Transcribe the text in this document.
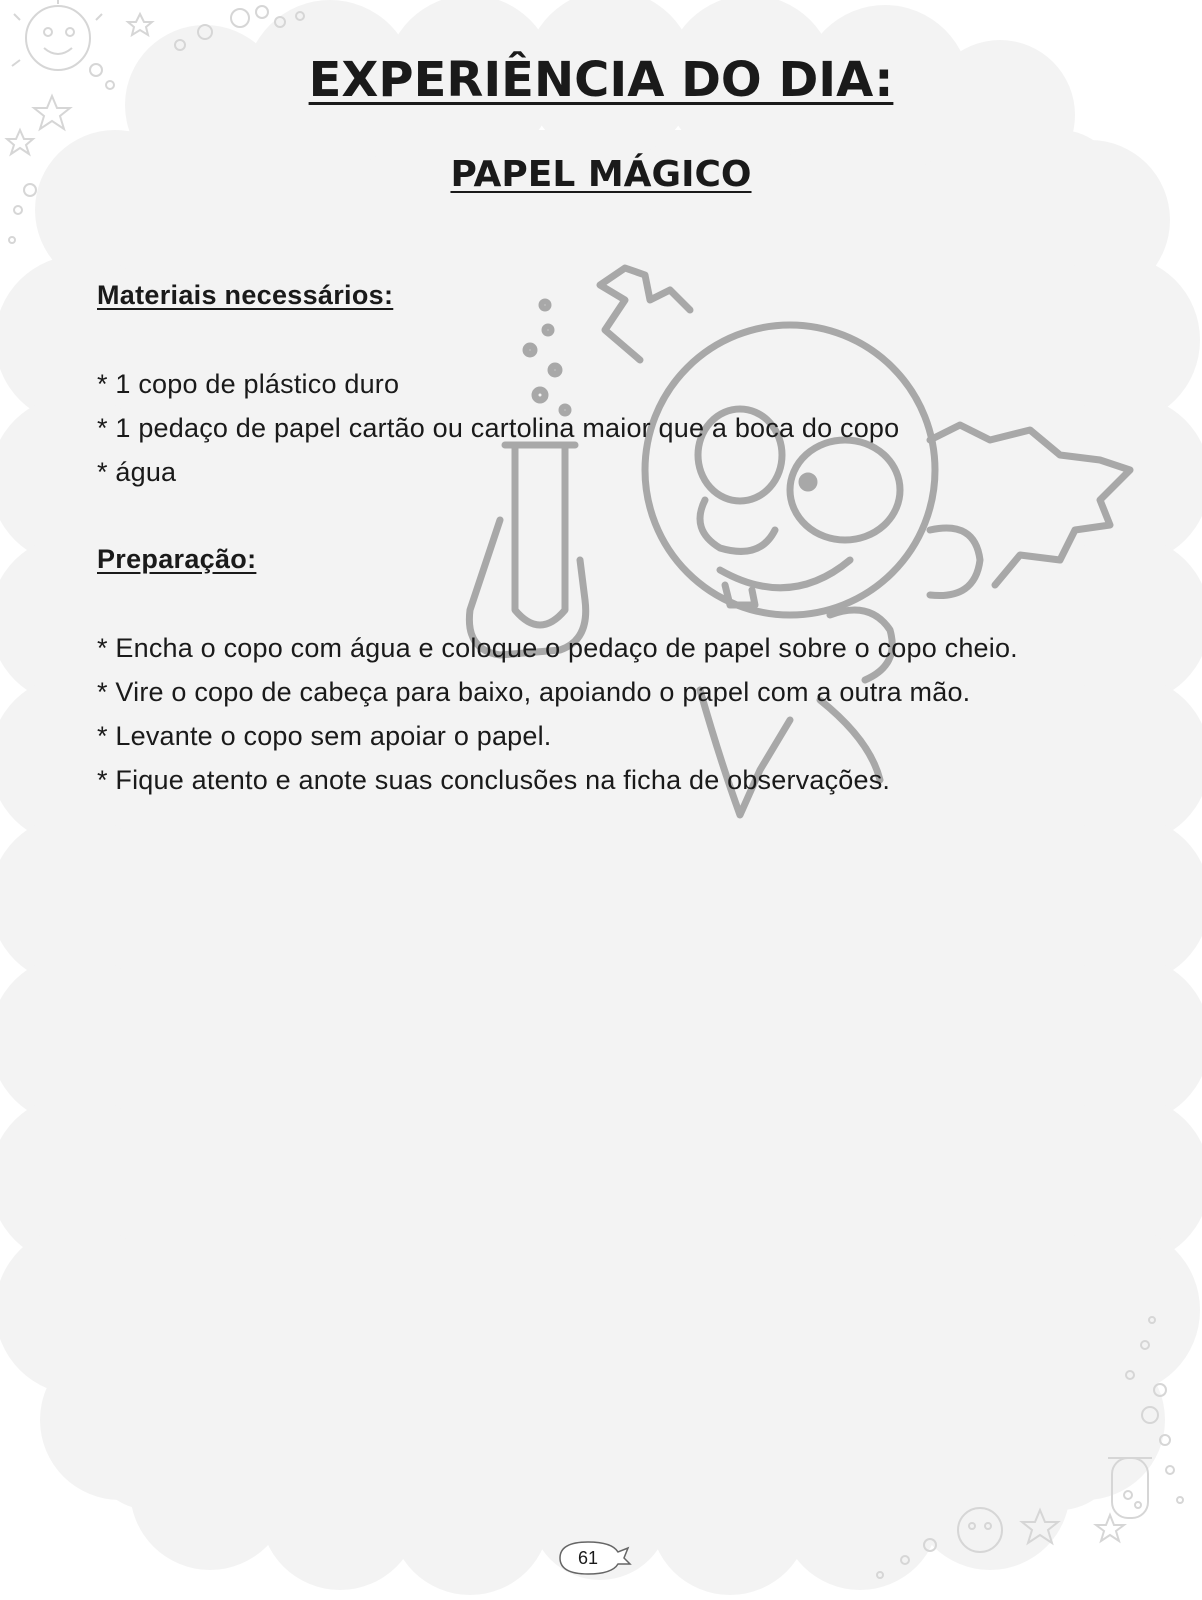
EXPERIÊNCIA DO DIA:
PAPEL MÁGICO
Materiais necessários:
* 1 copo de plástico duro
* 1 pedaço de papel cartão ou cartolina maior que a boca do copo
* água
Preparação:
* Encha o copo com água e coloque o pedaço de papel sobre o copo cheio.
* Vire o copo de cabeça para baixo, apoiando o papel com a outra mão.
* Levante o copo sem apoiar o papel.
* Fique atento e anote suas conclusões na ficha de observações.
61
